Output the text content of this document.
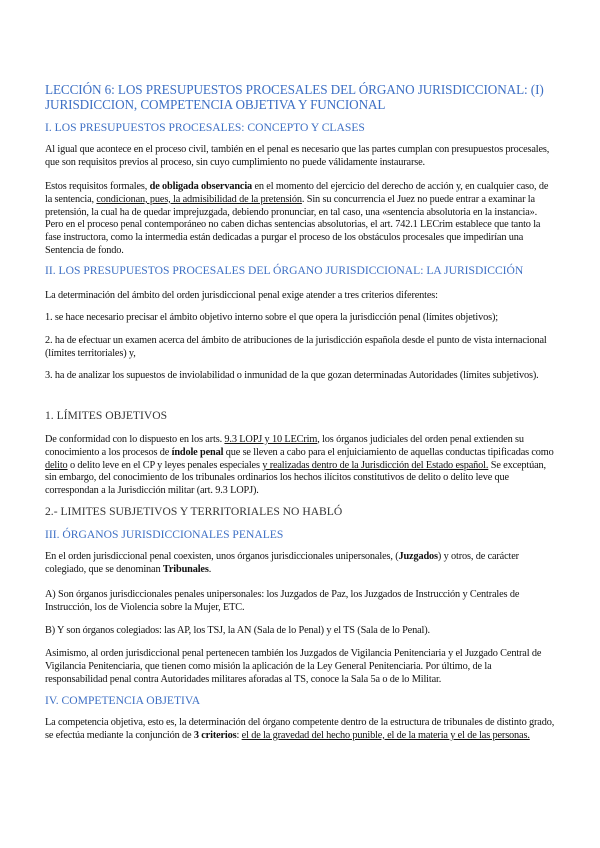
LECCIÓN 6: LOS PRESUPUESTOS PROCESALES DEL ÓRGANO JURISDICCIONAL: (I)
JURISDICCION, COMPETENCIA OBJETIVA Y FUNCIONAL
I. LOS PRESUPUESTOS PROCESALES: CONCEPTO Y CLASES
Al igual que acontece en el proceso civil, también en el penal es necesario que las partes cumplan con presupuestos procesales, que son requisitos previos al proceso, sin cuyo cumplimiento no puede válidamente instaurarse.
Estos requisitos formales, de obligada observancia en el momento del ejercicio del derecho de acción y, en cualquier caso, de la sentencia, condicionan, pues, la admisibilidad de la pretensión. Sin su concurrencia el Juez no puede entrar a examinar la pretensión, la cual ha de quedar imprejuzgada, debiendo pronunciar, en tal caso, una «sentencia absolutoria en la instancia». Pero en el proceso penal contemporáneo no caben dichas sentencias absolutorias, el art. 742.1 LECrim establece que tanto la fase instructora, como la intermedia están dedicadas a purgar el proceso de los obstáculos procesales que impedirían una Sentencia de fondo.
II. LOS PRESUPUESTOS PROCESALES DEL ÓRGANO JURISDICCIONAL: LA JURISDICCIÓN
La determinación del ámbito del orden jurisdiccional penal exige atender a tres criterios diferentes:
1. se hace necesario precisar el ámbito objetivo interno sobre el que opera la jurisdicción penal (límites objetivos);
2. ha de efectuar un examen acerca del ámbito de atribuciones de la jurisdicción española desde el punto de vista internacional (límites territoriales) y,
3. ha de analizar los supuestos de inviolabilidad o inmunidad de la que gozan determinadas Autoridades (límites subjetivos).
1. LÍMITES OBJETIVOS
De conformidad con lo dispuesto en los arts. 9.3 LOPJ y 10 LECrim, los órganos judiciales del orden penal extienden su conocimiento a los procesos de índole penal que se lleven a cabo para el enjuiciamiento de aquellas conductas tipificadas como delito o delito leve en el CP y leyes penales especiales y realizadas dentro de la Jurisdicción del Estado español. Se exceptúan, sin embargo, del conocimiento de los tribunales ordinarios los hechos ilícitos constitutivos de delito o delito leve que correspondan a la Jurisdicción militar (art. 9.3 LOPJ).
2.- LIMITES SUBJETIVOS Y TERRITORIALES NO HABLÓ
III. ÓRGANOS JURISDICCIONALES PENALES
En el orden jurisdiccional penal coexisten, unos órganos jurisdiccionales unipersonales, (Juzgados) y otros, de carácter colegiado, que se denominan Tribunales.
A) Son órganos jurisdiccionales penales unipersonales: los Juzgados de Paz, los Juzgados de Instrucción y Centrales de Instrucción, los de Violencia sobre la Mujer, ETC.
B) Y son órganos colegiados: las AP, los TSJ, la AN (Sala de lo Penal) y el TS (Sala de lo Penal).
Asimismo, al orden jurisdiccional penal pertenecen también los Juzgados de Vigilancia Penitenciaria y el Juzgado Central de Vigilancia Penitenciaria, que tienen como misión la aplicación de la Ley General Penitenciaria. Por último, de la responsabilidad penal contra Autoridades militares aforadas al TS, conoce la Sala 5a o de lo Militar.
IV. COMPETENCIA OBJETIVA
La competencia objetiva, esto es, la determinación del órgano competente dentro de la estructura de tribunales de distinto grado, se efectúa mediante la conjunción de 3 criterios: el de la gravedad del hecho punible, el de la materia y el de las personas.
